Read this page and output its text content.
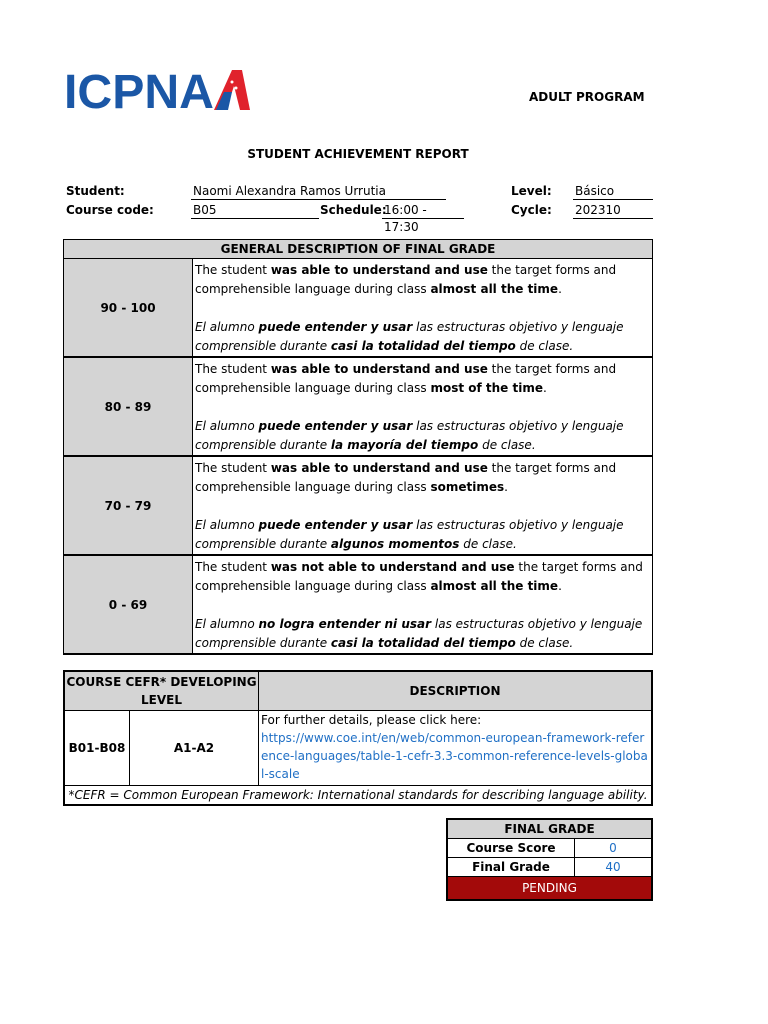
ICPNA	ADULT PROGRAM
STUDENT ACHIEVEMENT REPORT
Student:	Naomi Alexandra Ramos Urrutia	Level: Básico
Course code:	B05	Schedule:
16:00 - 17:30
Cycle: 202310
GENERAL DESCRIPTION OF FINAL GRADE	
90 - 100	The student was able to understand and use the target forms and comprehensible language during class almost all the time.

El alumno puede entender y usar las estructuras objetivo y lenguaje comprensible durante casi la totalidad del tiempo de clase.

80 - 89	The student was able to understand and use the target forms and comprehensible language during class most of the time.

El alumno puede entender y usar las estructuras objetivo y lenguaje comprensible durante la mayoría del tiempo de clase.

70 - 79	The student was able to understand and use the target forms and comprehensible language during class sometimes.

El alumno puede entender y usar las estructuras objetivo y lenguaje comprensible durante algunos momentos de clase.

0 - 69	The student was not able to understand and use the target forms and comprehensible language during class almost all the time.

El alumno no logra entender ni usar las estructuras objetivo y lenguaje comprensible durante casi la totalidad del tiempo de clase.

COURSE CEFR* DEVELOPING LEVEL		DESCRIPTION
B01-B08	A1-A2	For further details, please click here:
https://www.coe.int/en/web/common-european-framework-reference-languages/table-1-cefr-3.3-common-reference-levels-global-scale

*CEFR = Common European Framework: International standards for describing language ability.		
FINAL GRADE	
Course Score	0
Final Grade	40
PENDING	
